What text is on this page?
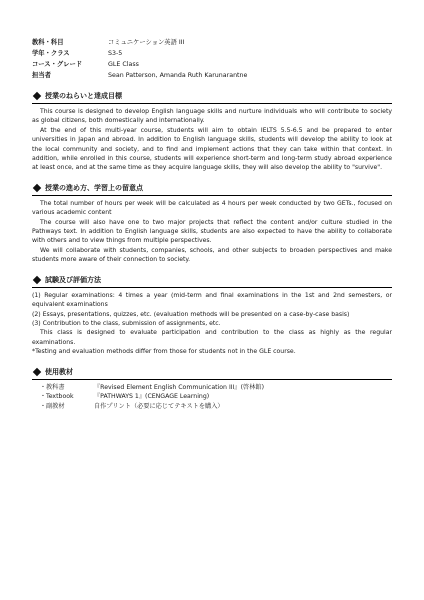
教科・科目	コミュニケーション英語 III
学年・クラス	S3-5
コース・グレード	GLE Class
担当者	Sean Patterson, Amanda Ruth Karunarantne
授業のねらいと達成目標

This course is designed to develop English language skills and nurture individuals who will contribute to society as global citizens, both domestically and internationally.

At the end of this multi-year course, students will aim to obtain IELTS 5.5-6.5 and be prepared to enter universities in Japan and abroad. In addition to English language skills, students will develop the ability to look at the local community and society, and to find and implement actions that they can take within that context. In addition, while enrolled in this course, students will experience short-term and long-term study abroad experience at least once, and at the same time as they acquire language skills, they will also develop the ability to "survive".

授業の進め方、学習上の留意点

The total number of hours per week will be calculated as 4 hours per week conducted by two GETs., focused on various academic content

The course will also have one to two major projects that reflect the content and/or culture studied in the Pathways text. In addition to English language skills, students are also expected to have the ability to collaborate with others and to view things from multiple perspectives.

We will collaborate with students, companies, schools, and other subjects to broaden perspectives and make students more aware of their connection to society.

試験及び評価方法

(1) Regular examinations: 4 times a year (mid-term and final examinations in the 1st and 2nd semesters, or equivalent examinations

(2) Essays, presentations, quizzes, etc. (evaluation methods will be presented on a case-by-case basis)

(3) Contribution to the class, submission of assignments, etc.

This class is designed to evaluate participation and contribution to the class as highly as the regular examinations.

*Testing and evaluation methods differ from those for students not in the GLE course.

使用教材
・ 教科書	『Revised Element English Communication III』(啓林館)
・ Textbook	『PATHWAYS 1』(CENGAGE Learning)
・ 副教材	自作プリント（必要に応じてテキストを購入）
